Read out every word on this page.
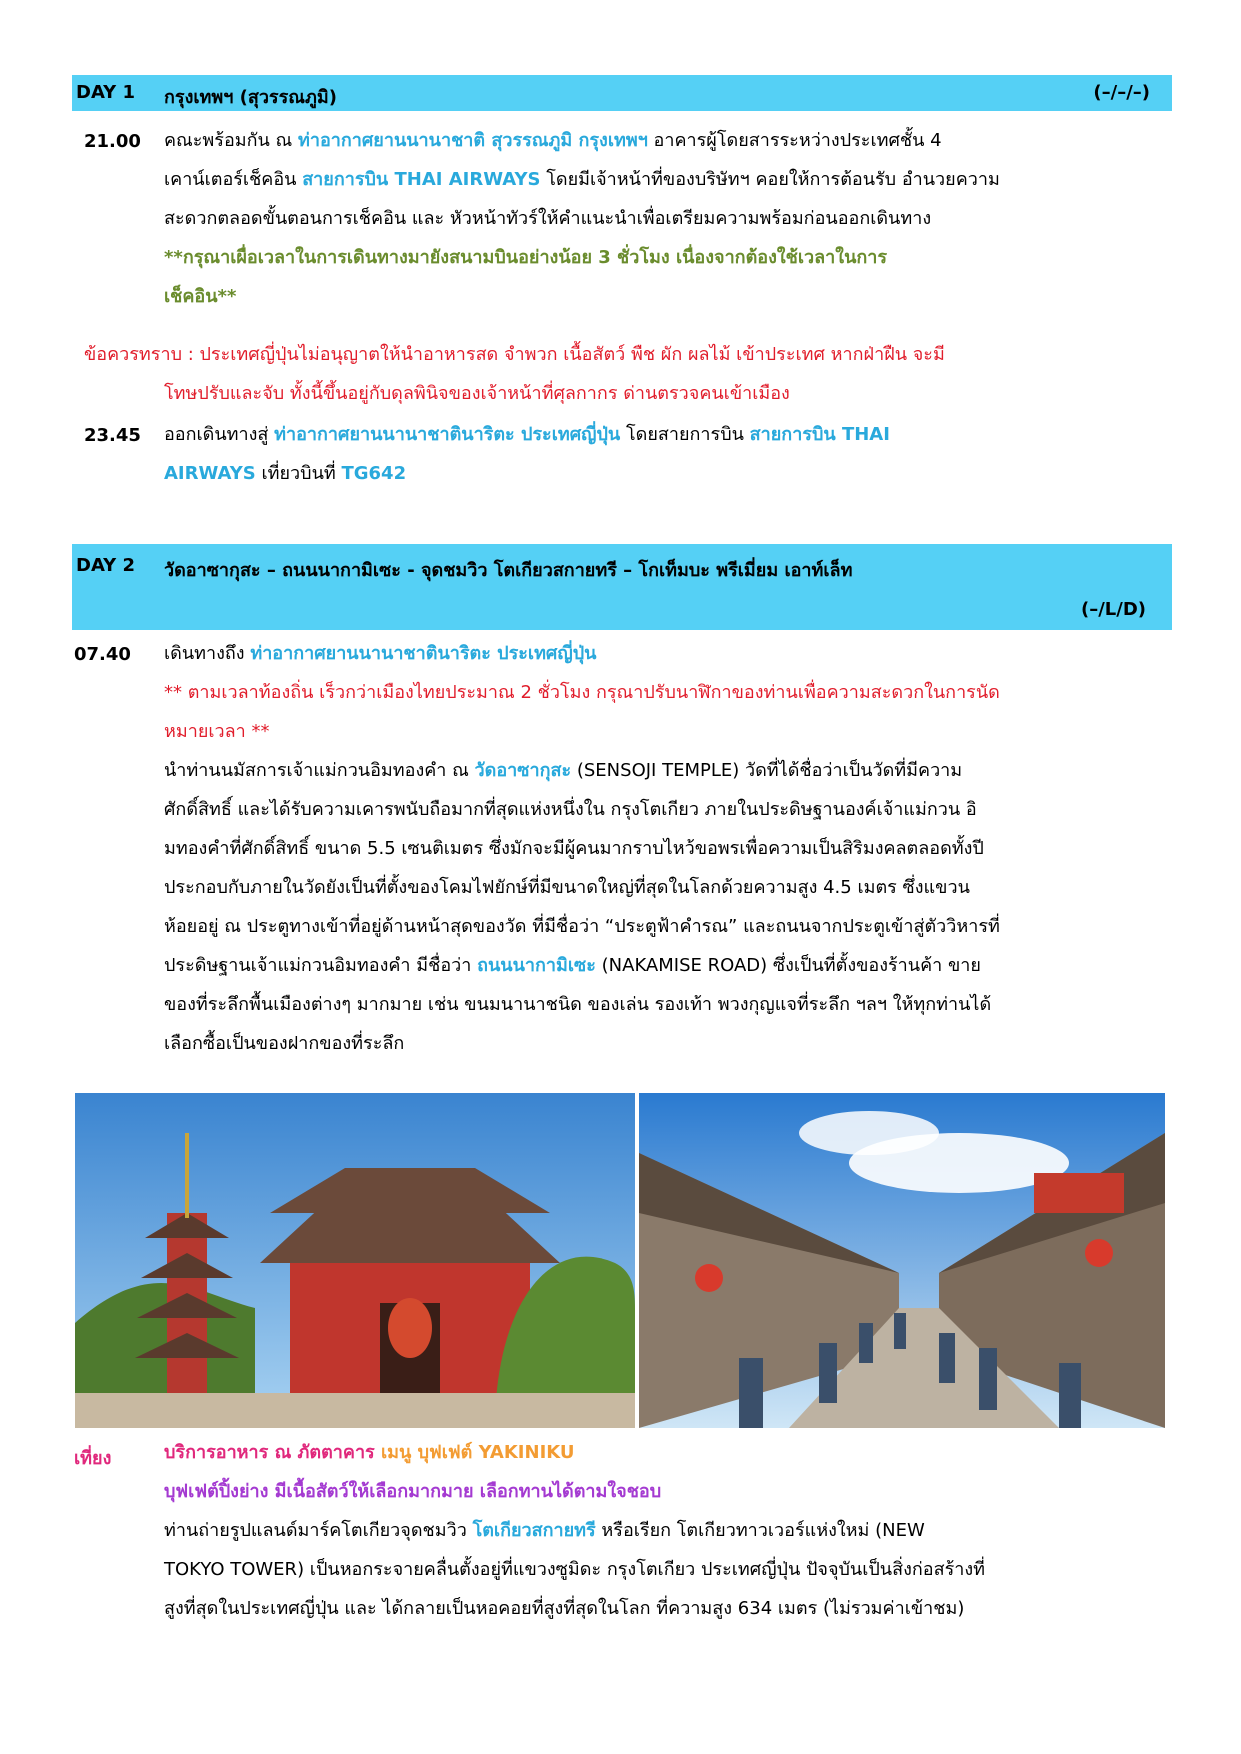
DAY 1 กรุงเทพฯ (สุวรรณภูมิ)	(–/–/–)
21.00 คณะพร้อมกัน ณ ท่าอากาศยานนานาชาติ สุวรรณภูมิ กรุงเทพฯ อาคารผู้โดยสารระหว่างประเทศชั้น 4
เคาน์เตอร์เช็คอิน สายการบิน THAI AIRWAYS โดยมีเจ้าหน้าที่ของบริษัทฯ คอยให้การต้อนรับ อำนวยความ
สะดวกตลอดขั้นตอนการเช็คอิน และ หัวหน้าทัวร์ให้คำแนะนำเพื่อเตรียมความพร้อมก่อนออกเดินทาง
**กรุณาเผื่อเวลาในการเดินทางมายังสนามบินอย่างน้อย 3 ชั่วโมง เนื่องจากต้องใช้เวลาในการ
เช็คอิน**
ข้อควรทราบ : ประเทศญี่ปุ่นไม่อนุญาตให้นำอาหารสด จำพวก เนื้อสัตว์ พืช ผัก ผลไม้ เข้าประเทศ หากฝ่าฝืน จะมี
โทษปรับและจับ ทั้งนี้ขึ้นอยู่กับดุลพินิจของเจ้าหน้าที่ศุลกากร ด่านตรวจคนเข้าเมือง
23.45 ออกเดินทางสู่ ท่าอากาศยานนานาชาตินาริตะ ประเทศญี่ปุ่น โดยสายการบิน สายการบิน THAI
AIRWAYS เที่ยวบินที่ TG642
DAY 2 วัดอาซากุสะ – ถนนนากามิเซะ - จุดชมวิว โตเกียวสกายทรี – โกเท็มบะ พรีเมี่ยม เอาท์เล็ท
(–/L/D)
07.40 เดินทางถึง ท่าอากาศยานนานาชาตินาริตะ ประเทศญี่ปุ่น
** ตามเวลาท้องถิ่น เร็วกว่าเมืองไทยประมาณ 2 ชั่วโมง กรุณาปรับนาฬิกาของท่านเพื่อความสะดวกในการนัด
หมายเวลา **
นำท่านนมัสการเจ้าแม่กวนอิมทองคำ ณ วัดอาซากุสะ (SENSOJI TEMPLE) วัดที่ได้ชื่อว่าเป็นวัดที่มีความ
ศักดิ์สิทธิ์ และได้รับความเคารพนับถือมากที่สุดแห่งหนึ่งใน กรุงโตเกียว ภายในประดิษฐานองค์เจ้าแม่กวน อิ
มทองคำที่ศักดิ์สิทธิ์ ขนาด 5.5 เซนติเมตร ซึ่งมักจะมีผู้คนมากราบไหว้ขอพรเพื่อความเป็นสิริมงคลตลอดทั้งปี
ประกอบกับภายในวัดยังเป็นที่ตั้งของโคมไฟยักษ์ที่มีขนาดใหญ่ที่สุดในโลกด้วยความสูง 4.5 เมตร ซึ่งแขวน
ห้อยอยู่ ณ ประตูทางเข้าที่อยู่ด้านหน้าสุดของวัด ที่มีชื่อว่า “ประตูฟ้าคำรณ” และถนนจากประตูเข้าสู่ตัววิหารที่
ประดิษฐานเจ้าแม่กวนอิมทองคำ มีชื่อว่า ถนนนากามิเซะ (NAKAMISE ROAD) ซึ่งเป็นที่ตั้งของร้านค้า ขาย
ของที่ระลึกพื้นเมืองต่างๆ มากมาย เช่น ขนมนานาชนิด ของเล่น รองเท้า พวงกุญแจที่ระลึก ฯลฯ ให้ทุกท่านได้
เลือกซื้อเป็นของฝากของที่ระลึก
เที่ยง	บริการอาหาร ณ ภัตตาคาร เมนู บุฟเฟต์ YAKINIKU
บุฟเฟต์ปิ้งย่าง มีเนื้อสัตว์ให้เลือกมากมาย เลือกทานได้ตามใจชอบ
ท่านถ่ายรูปแลนด์มาร์คโตเกียวจุดชมวิว โตเกียวสกายทรี หรือเรียก โตเกียวทาวเวอร์แห่งใหม่ (NEW
TOKYO TOWER) เป็นหอกระจายคลื่นตั้งอยู่ที่แขวงซูมิดะ กรุงโตเกียว ประเทศญี่ปุ่น ปัจจุบันเป็นสิ่งก่อสร้างที่
สูงที่สุดในประเทศญี่ปุ่น และ ได้กลายเป็นหอคอยที่สูงที่สุดในโลก ที่ความสูง 634 เมตร (ไม่รวมค่าเข้าชม)
